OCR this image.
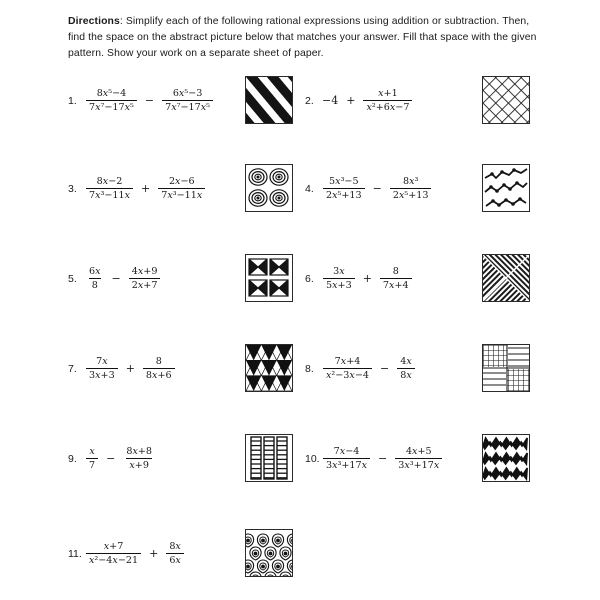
Directions: Simplify each of the following rational expressions using addition or subtraction. Then, find the space on the abstract picture below that matches your answer. Fill that space with the given pattern. Show your work on a separate sheet of paper.

1. $\frac{\text{8x⁵−4}}{\text{7x⁷−17x⁵}} - \frac{\text{6x⁵−3}}{\text{7x⁷−17x⁵}}$	2. $-4 + \frac{x+1}{\text{x²+6x−7}}$
3. $\frac{8x-2}{\text{7x³−11x}} + \frac{2x-6}{\text{7x³−11x}}$	4. $\frac{\text{5x³−5}}{\text{2x⁵+13}} - \frac{\text{8x³}}{\text{2x⁵+13}}$
5. $\frac{6x}{8} - \frac{4x+9}{2x+7}$	6. $\frac{3x}{5x+3} + \frac{8}{7x+4}$
7. $\frac{7x}{3x+3} + \frac{8}{8x+6}$	8. $\frac{7x+4}{\text{x²−3x−4}} - \frac{4x}{8x}$
9. $\frac{x}{7} - \frac{8x+8}{x+9}$	10. $\frac{7x-4}{\text{3x³+17x}} - \frac{4x+5}{\text{3x³+17x}}$
11. $\frac{x+7}{\text{x²−4x−21}} + \frac{8x}{6x}$
